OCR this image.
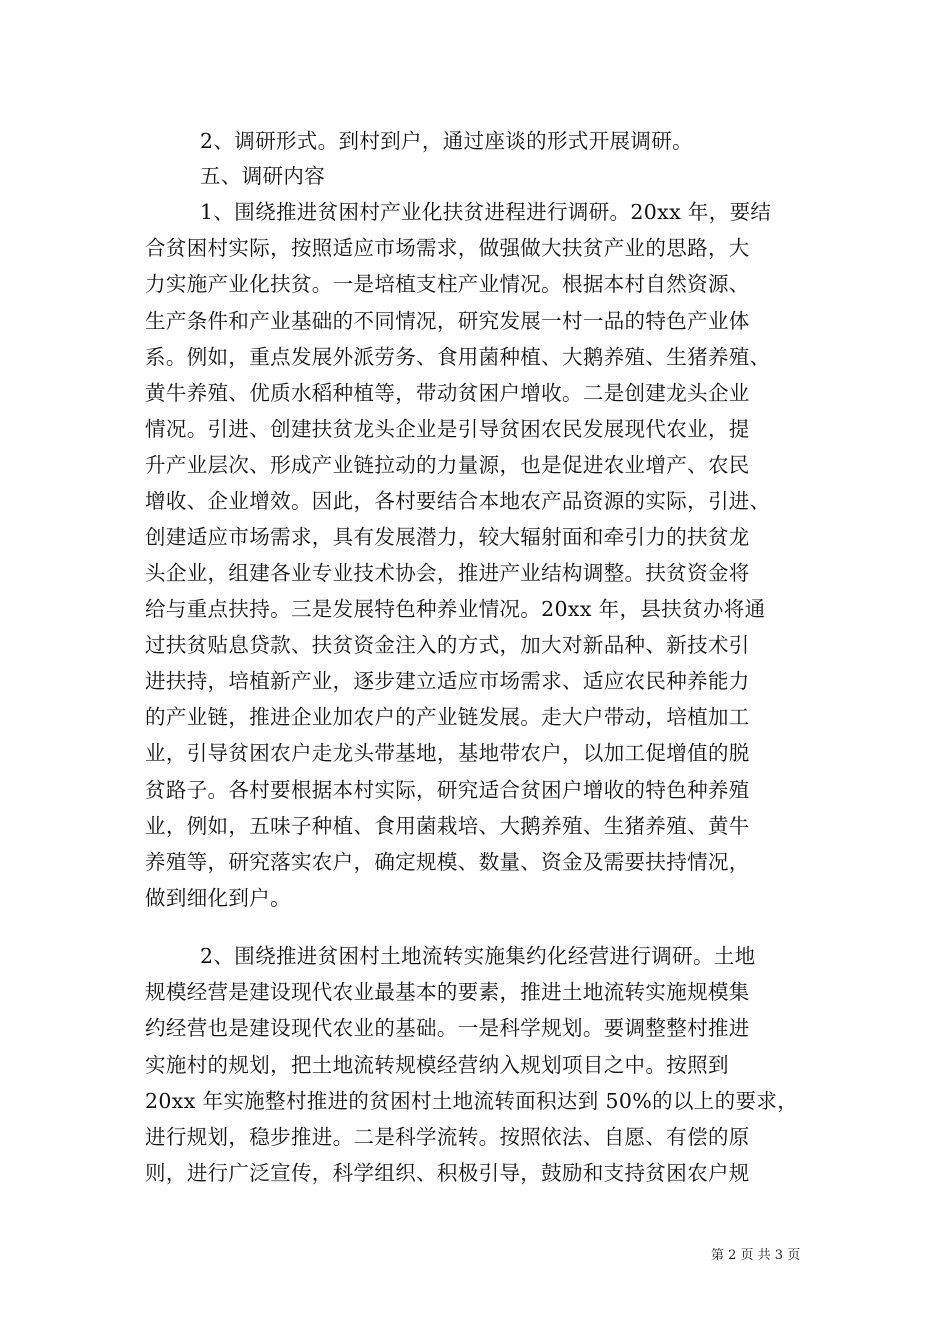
2、调研形式。到村到户，通过座谈的形式开展调研。
五、调研内容
1、围绕推进贫困村产业化扶贫进程进行调研。20xx 年，要结
合贫困村实际，按照适应市场需求，做强做大扶贫产业的思路，大
力实施产业化扶贫。一是培植支柱产业情况。根据本村自然资源、
生产条件和产业基础的不同情况，研究发展一村一品的特色产业体
系。例如，重点发展外派劳务、食用菌种植、大鹅养殖、生猪养殖、
黄牛养殖、优质水稻种植等，带动贫困户增收。二是创建龙头企业
情况。引进、创建扶贫龙头企业是引导贫困农民发展现代农业，提
升产业层次、形成产业链拉动的力量源，也是促进农业增产、农民
增收、企业增效。因此，各村要结合本地农产品资源的实际，引进、
创建适应市场需求，具有发展潜力，较大辐射面和牵引力的扶贫龙
头企业，组建各业专业技术协会，推进产业结构调整。扶贫资金将
给与重点扶持。三是发展特色种养业情况。20xx 年，县扶贫办将通
过扶贫贴息贷款、扶贫资金注入的方式，加大对新品种、新技术引
进扶持，培植新产业，逐步建立适应市场需求、适应农民种养能力
的产业链，推进企业加农户的产业链发展。走大户带动，培植加工
业，引导贫困农户走龙头带基地，基地带农户，以加工促增值的脱
贫路子。各村要根据本村实际，研究适合贫困户增收的特色种养殖
业，例如，五味子种植、食用菌栽培、大鹅养殖、生猪养殖、黄牛
养殖等，研究落实农户，确定规模、数量、资金及需要扶持情况，
做到细化到户。
2、围绕推进贫困村土地流转实施集约化经营进行调研。土地
规模经营是建设现代农业最基本的要素，推进土地流转实施规模集
约经营也是建设现代农业的基础。一是科学规划。要调整整村推进
实施村的规划，把土地流转规模经营纳入规划项目之中。按照到
20xx 年实施整村推进的贫困村土地流转面积达到 50%的以上的要求，
进行规划，稳步推进。二是科学流转。按照依法、自愿、有偿的原
则，进行广泛宣传，科学组织、积极引导，鼓励和支持贫困农户规
第 2 页 共 3 页
